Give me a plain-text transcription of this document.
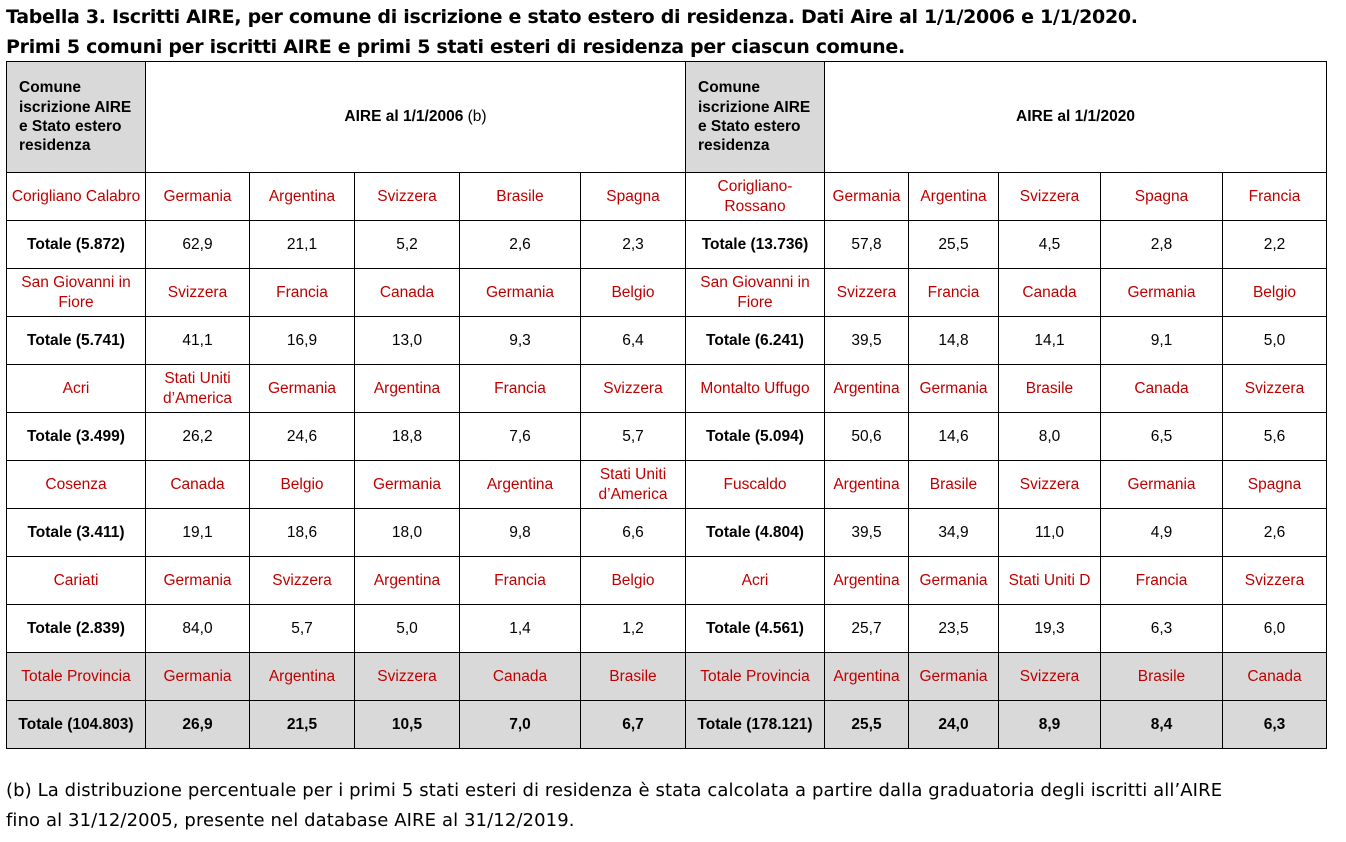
Tabella 3. Iscritti AIRE, per comune di iscrizione e stato estero di residenza. Dati Aire al 1/1/2006 e 1/1/2020.
Primi 5 comuni per iscritti AIRE e primi 5 stati esteri di residenza per ciascun comune.
Comune iscrizione AIRE e Stato estero residenza	AIRE al 1/1/2006 (b)					Comune iscrizione AIRE e Stato estero residenza	AIRE al 1/1/2020				
Corigliano Calabro	Germania	Argentina	Svizzera	Brasile	Spagna	Corigliano-Rossano	Germania	Argentina	Svizzera	Spagna	Francia
Totale (5.872)	62,9	21,1	5,2	2,6	2,3	Totale (13.736)	57,8	25,5	4,5	2,8	2,2
San Giovanni in Fiore	Svizzera	Francia	Canada	Germania	Belgio	San Giovanni in Fiore	Svizzera	Francia	Canada	Germania	Belgio
Totale (5.741)	41,1	16,9	13,0	9,3	6,4	Totale (6.241)	39,5	14,8	14,1	9,1	5,0
Acri	Stati Uniti d’America	Germania	Argentina	Francia	Svizzera	Montalto Uffugo	Argentina	Germania	Brasile	Canada	Svizzera
Totale (3.499)	26,2	24,6	18,8	7,6	5,7	Totale (5.094)	50,6	14,6	8,0	6,5	5,6
Cosenza	Canada	Belgio	Germania	Argentina	Stati Uniti d’America	Fuscaldo	Argentina	Brasile	Svizzera	Germania	Spagna
Totale (3.411)	19,1	18,6	18,0	9,8	6,6	Totale (4.804)	39,5	34,9	11,0	4,9	2,6
Cariati	Germania	Svizzera	Argentina	Francia	Belgio	Acri	Argentina	Germania	Stati Uniti D	Francia	Svizzera
Totale (2.839)	84,0	5,7	5,0	1,4	1,2	Totale (4.561)	25,7	23,5	19,3	6,3	6,0
Totale Provincia	Germania	Argentina	Svizzera	Canada	Brasile	Totale Provincia	Argentina	Germania	Svizzera	Brasile	Canada
Totale (104.803)	26,9	21,5	10,5	7,0	6,7	Totale (178.121)	25,5	24,0	8,9	8,4	6,3
(b) La distribuzione percentuale per i primi 5 stati esteri di residenza è stata calcolata a partire dalla graduatoria degli iscritti all’AIRE
fino al 31/12/2005, presente nel database AIRE al 31/12/2019.
